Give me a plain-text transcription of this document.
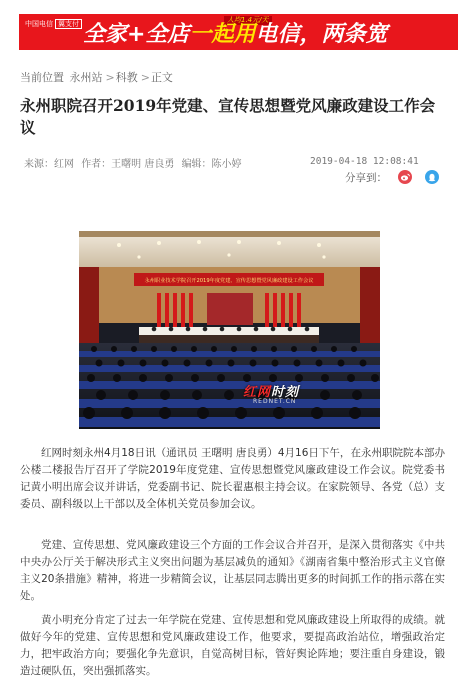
中国电信 翼支付	人均1.4元/天
全家+全店一起用电信，两条宽
当前位置 永州站 >科教 >正文
永州职院召开2019年党建、宣传思想暨党风廉政建设工作会议
来源：红网 作者：王曙明 唐良勇 编辑：陈小婷	2019-04-18 12:08:41
分享到：
永州职业技术学院召开2019年度党建、宣传思想暨党风廉政建设工作会议
红网时刻
REDNET.CN

红网时刻永州4月18日讯（通讯员 王曙明 唐良勇）4月16日下午，在永州职院院本部办公楼二楼报告厅召开了学院2019年度党建、宣传思想暨党风廉政建设工作会议。院党委书记黄小明出席会议并讲话，党委副书记、院长翟惠根主持会议。在家院领导、各党（总）支委员、副科级以上干部以及全体机关党员参加会议。

党建、宣传思想、党风廉政建设三个方面的工作会议合并召开，是深入贯彻落实《中共中央办公厅关于解决形式主义突出问题为基层减负的通知》《湖南省集中整治形式主义官僚主义20条措施》精神，将进一步精简会议，让基层同志腾出更多的时间抓工作的指示落在实处。

黄小明充分肯定了过去一年学院在党建、宣传思想和党风廉政建设上所取得的成绩。就做好今年的党建、宣传思想和党风廉政建设工作，他要求，要提高政治站位，增强政治定力，把牢政治方向；要强化争先意识，自觉高树目标，管好舆论阵地；要注重自身建设，锻造过硬队伍，突出强抓落实。
